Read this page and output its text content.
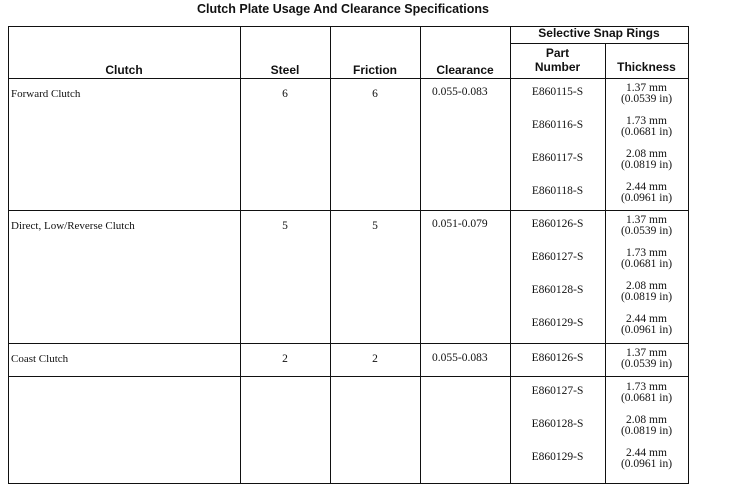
Clutch Plate Usage And Clearance Specifications
Clutch	Steel	Friction	Clearance
Selective Snap Rings
Part
Number	Thickness
Forward Clutch	6	6	0.055-0.083	E860115-S	1.37 mm
(0.0539 in)
E860116-S	1.73 mm
(0.0681 in)
E860117-S	2.08 mm
(0.0819 in)
E860118-S	2.44 mm
(0.0961 in)
Direct, Low/Reverse Clutch	5	5	0.051-0.079	E860126-S	1.37 mm
(0.0539 in)
E860127-S	1.73 mm
(0.0681 in)
E860128-S	2.08 mm
(0.0819 in)
E860129-S	2.44 mm
(0.0961 in)
Coast Clutch	2	2	0.055-0.083	E860126-S	1.37 mm
(0.0539 in)
E860127-S	1.73 mm
(0.0681 in)
E860128-S	2.08 mm
(0.0819 in)
E860129-S	2.44 mm
(0.0961 in)
